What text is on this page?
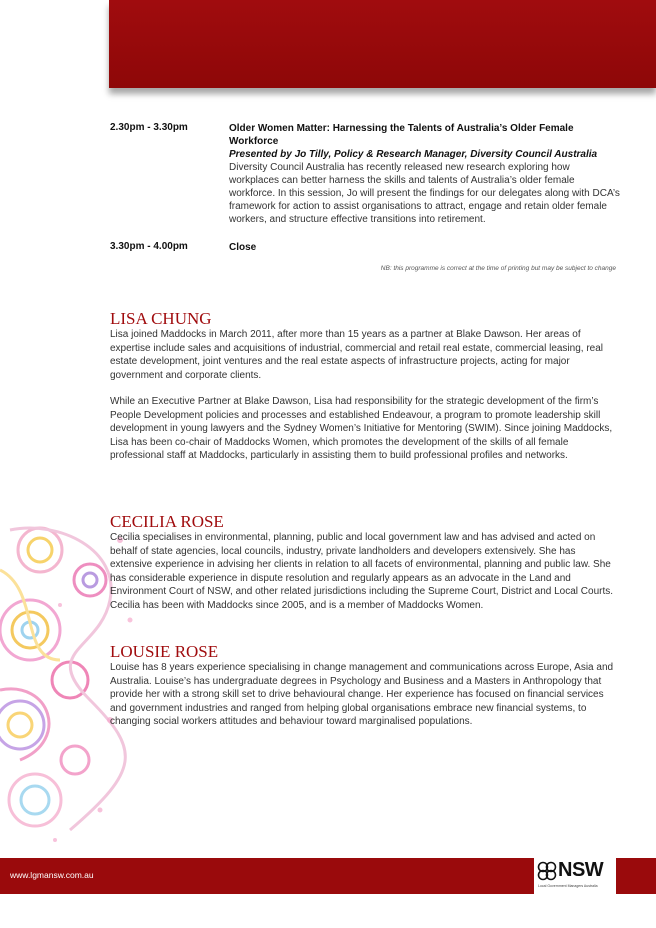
2.30pm - 3.30pm	Older Women Matter: Harnessing the Talents of Australia’s Older Female Workforce
Presented by Jo Tilly, Policy & Research Manager, Diversity Council Australia
Diversity Council Australia has recently released new research exploring how workplaces can better harness the skills and talents of Australia’s older female workforce. In this session, Jo will present the findings for our delegates along with DCA’s framework for action to assist organisations to attract, engage and retain older female workers, and structure effective transitions into retirement.
3.30pm - 4.00pm	Close
NB: this programme is correct at the time of printing but may be subject to change
LISA CHUNG

Lisa joined Maddocks in March 2011, after more than 15 years as a partner at Blake Dawson. Her areas of expertise include sales and acquisitions of industrial, commercial and retail real estate, commercial leasing, real estate development, joint ventures and the real estate aspects of infrastructure projects, acting for major government and corporate clients.

While an Executive Partner at Blake Dawson, Lisa had responsibility for the strategic development of the firm’s People Development policies and processes and established Endeavour, a program to promote leadership skill development in young lawyers and the Sydney Women’s Initiative for Mentoring (SWIM). Since joining Maddocks, Lisa has been co-chair of Maddocks Women, which promotes the development of the skills of all female professional staff at Maddocks, particularly in assisting them to build professional profiles and networks.

CECILIA ROSE

Cecilia specialises in environmental, planning, public and local government law and has advised and acted on behalf of state agencies, local councils, industry, private landholders and developers extensively. She has extensive experience in advising her clients in relation to all facets of environmental, planning and public law. She has considerable experience in dispute resolution and regularly appears as an advocate in the Land and Environment Court of NSW, and other related jurisdictions including the Supreme Court, District and Local Courts. Cecilia has been with Maddocks since 2005, and is a member of Maddocks Women.

LOUSIE ROSE

Louise has 8 years experience specialising in change management and communications across Europe, Asia and Australia. Louise’s has undergraduate degrees in Psychology and Business and a Masters in Anthropology that provide her with a strong skill set to drive behavioural change. Her experience has focused on financial services and government industries and ranged from helping global organisations embrace new financial systems, to changing social workers attitudes and behaviour toward marginalised populations.

www.lgmansw.com.au	NSW
Local Government Managers Australia
